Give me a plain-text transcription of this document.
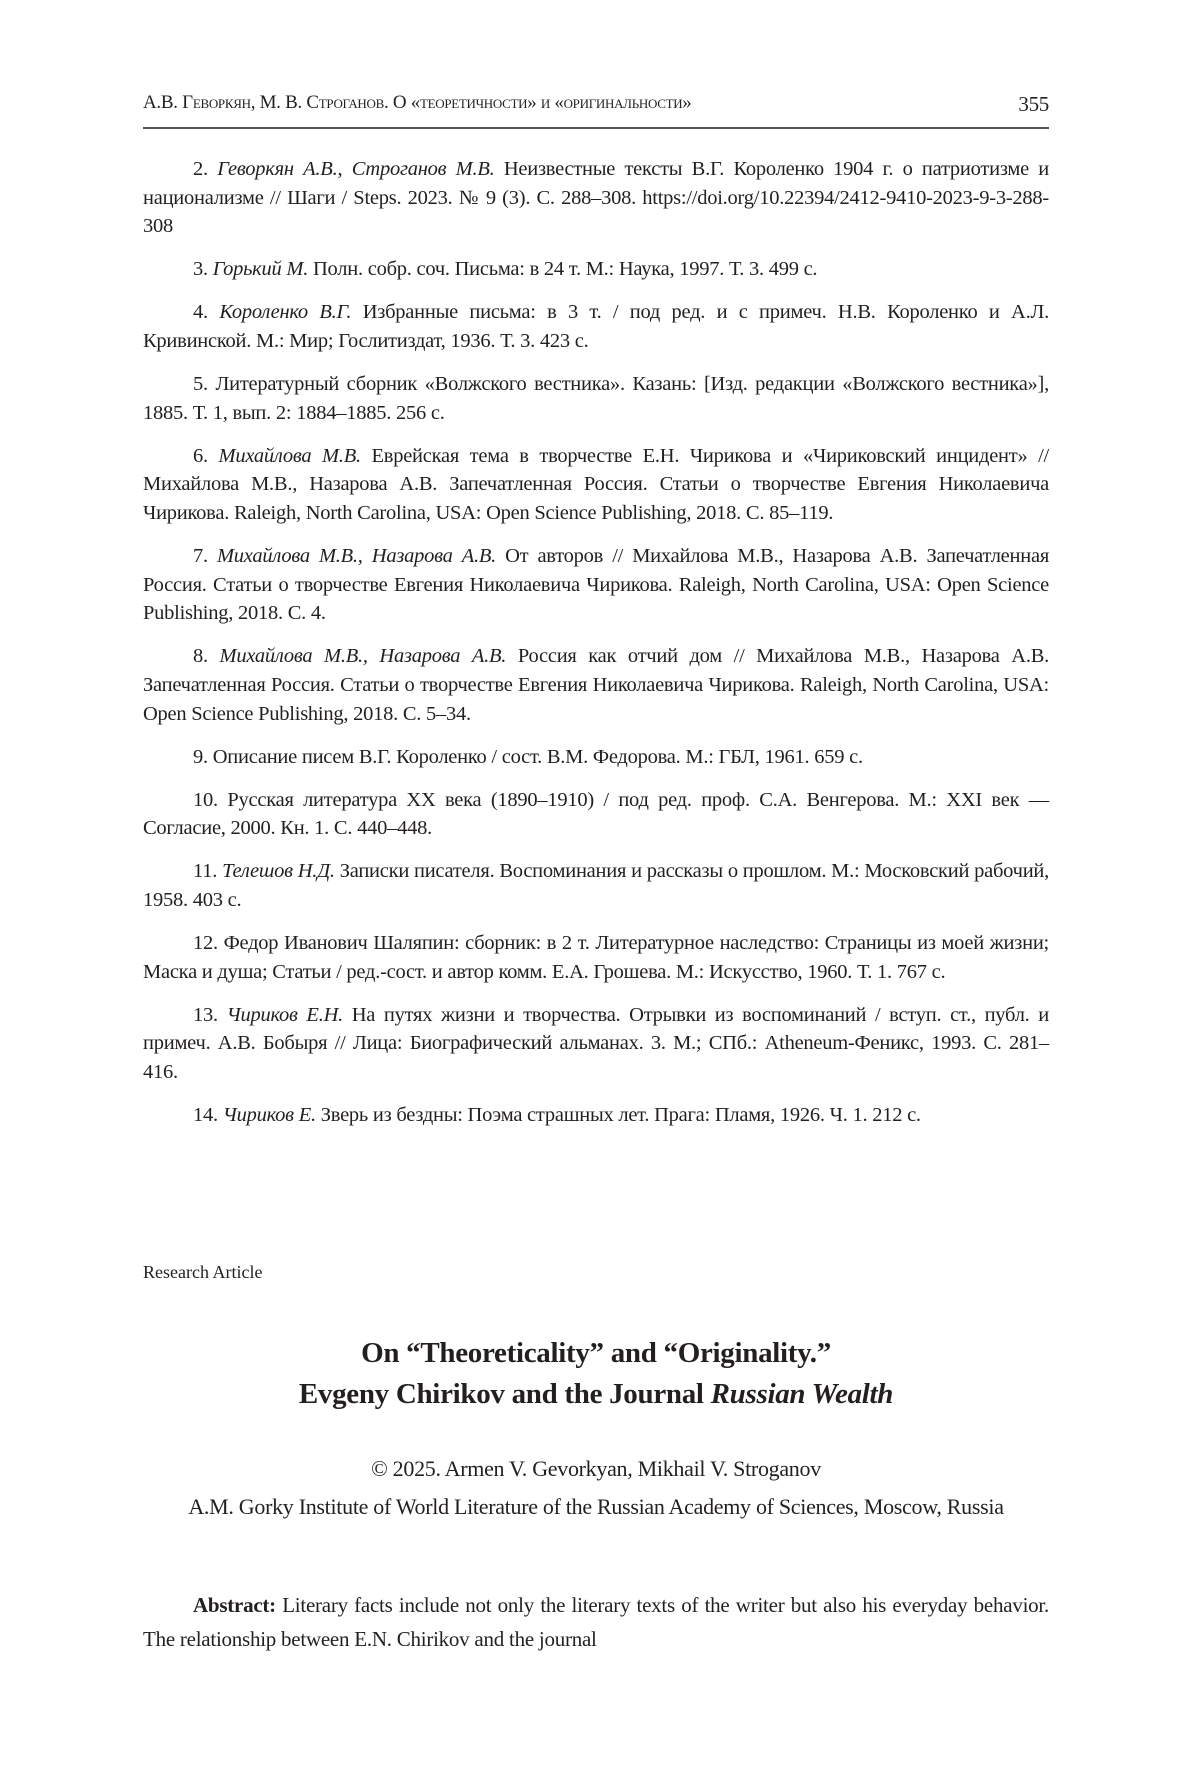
А.В. Геворкян, М. В. Строганов. О «теоретичности» и «оригинальности»	355
2. Геворкян А.В., Строганов М.В. Неизвестные тексты В.Г. Короленко 1904 г. о патриотизме и национализме // Шаги / Steps. 2023. № 9 (3). С. 288–308. https://doi.org/10.22394/2412-9410-2023-9-3-288-308
3. Горький М. Полн. собр. соч. Письма: в 24 т. М.: Наука, 1997. Т. 3. 499 с.
4. Короленко В.Г. Избранные письма: в 3 т. / под ред. и с примеч. Н.В. Короленко и А.Л. Кривинской. М.: Мир; Гослитиздат, 1936. Т. 3. 423 с.
5. Литературный сборник «Волжского вестника». Казань: [Изд. редакции «Волжского вестника»], 1885. Т. 1, вып. 2: 1884–1885. 256 с.
6. Михайлова М.В. Еврейская тема в творчестве Е.Н. Чирикова и «Чириковский инцидент» // Михайлова М.В., Назарова А.В. Запечатленная Россия. Статьи о творчестве Евгения Николаевича Чирикова. Raleigh, North Carolina, USA: Open Science Publishing, 2018. С. 85–119.
7. Михайлова М.В., Назарова А.В. От авторов // Михайлова М.В., Назарова А.В. Запечатленная Россия. Статьи о творчестве Евгения Николаевича Чирикова. Raleigh, North Carolina, USA: Open Science Publishing, 2018. С. 4.
8. Михайлова М.В., Назарова А.В. Россия как отчий дом // Михайлова М.В., Назарова А.В. Запечатленная Россия. Статьи о творчестве Евгения Николаевича Чирикова. Raleigh, North Carolina, USA: Open Science Publishing, 2018. С. 5–34.
9. Описание писем В.Г. Короленко / сост. В.М. Федорова. М.: ГБЛ, 1961. 659 с.
10. Русская литература XX века (1890–1910) / под ред. проф. С.А. Венгерова. М.: XXI век — Согласие, 2000. Кн. 1. С. 440–448.
11. Телешов Н.Д. Записки писателя. Воспоминания и рассказы о прошлом. М.: Московский рабочий, 1958. 403 с.
12. Федор Иванович Шаляпин: сборник: в 2 т. Литературное наследство: Страницы из моей жизни; Маска и душа; Статьи / ред.-сост. и автор комм. Е.А. Грошева. М.: Искусство, 1960. Т. 1. 767 с.
13. Чириков Е.Н. На путях жизни и творчества. Отрывки из воспоминаний / вступ. ст., публ. и примеч. А.В. Бобыря // Лица: Биографический альманах. 3. М.; СПб.: Atheneum-Феникс, 1993. С. 281–416.
14. Чириков Е. Зверь из бездны: Поэма страшных лет. Прага: Пламя, 1926. Ч. 1. 212 с.
Research Article
On “Theoreticality” and “Originality.”
Evgeny Chirikov and the Journal Russian Wealth
© 2025. Armen V. Gevorkyan, Mikhail V. Stroganov
A.M. Gorky Institute of World Literature of the Russian Academy of Sciences, Moscow, Russia
Abstract: Literary facts include not only the literary texts of the writer but also his everyday behavior. The relationship between E.N. Chirikov and the journal
